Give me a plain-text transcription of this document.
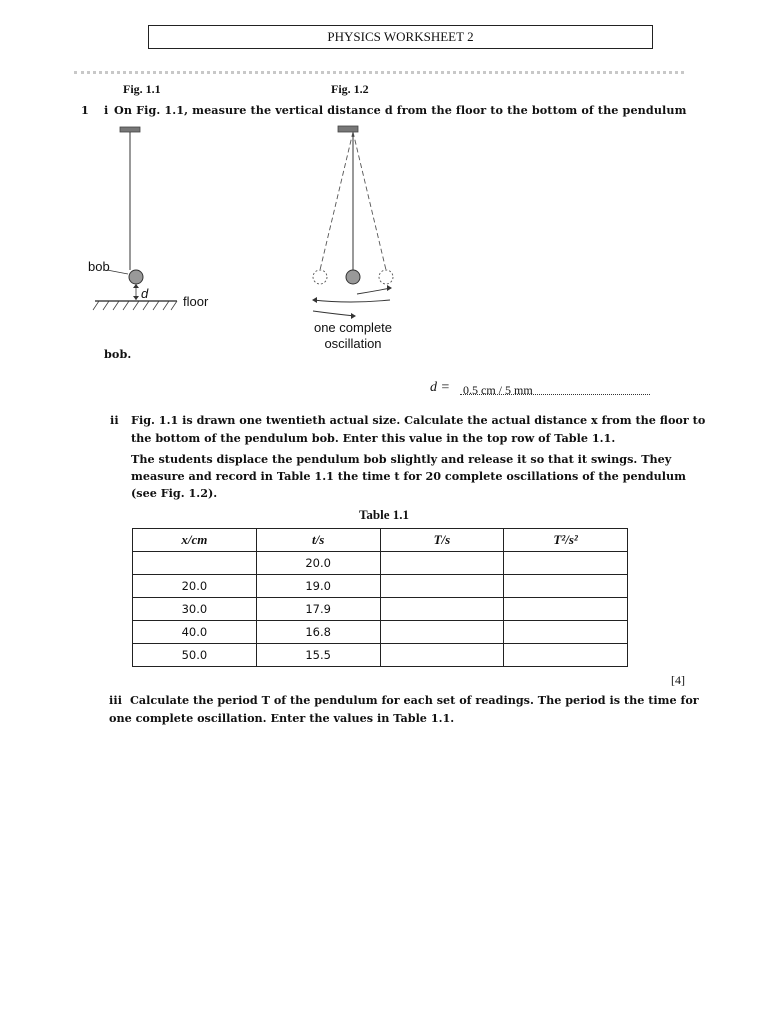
PHYSICS WORKSHEET 2
Fig. 1.1	Fig. 1.2
1 i On Fig. 1.1, measure the vertical distance d from the floor to the bottom of the pendulum
bob
d
floor
one complete
oscillation
bob.
d = 0.5 cm / 5 mm
ii Fig. 1.1 is drawn one twentieth actual size. Calculate the actual distance x from the floor to
the bottom of the pendulum bob. Enter this value in the top row of Table 1.1.
The students displace the pendulum bob slightly and release it so that it swings. They
measure and record in Table 1.1 the time t for 20 complete oscillations of the pendulum
(see Fig. 1.2).
Table 1.1
x/cm	t/s	T/s	T²/s²
	20.0		
20.0	19.0		
30.0	17.9		
40.0	16.8		
50.0	15.5		
[4]
iii Calculate the period T of the pendulum for each set of readings. The period is the time for
one complete oscillation. Enter the values in Table 1.1.
